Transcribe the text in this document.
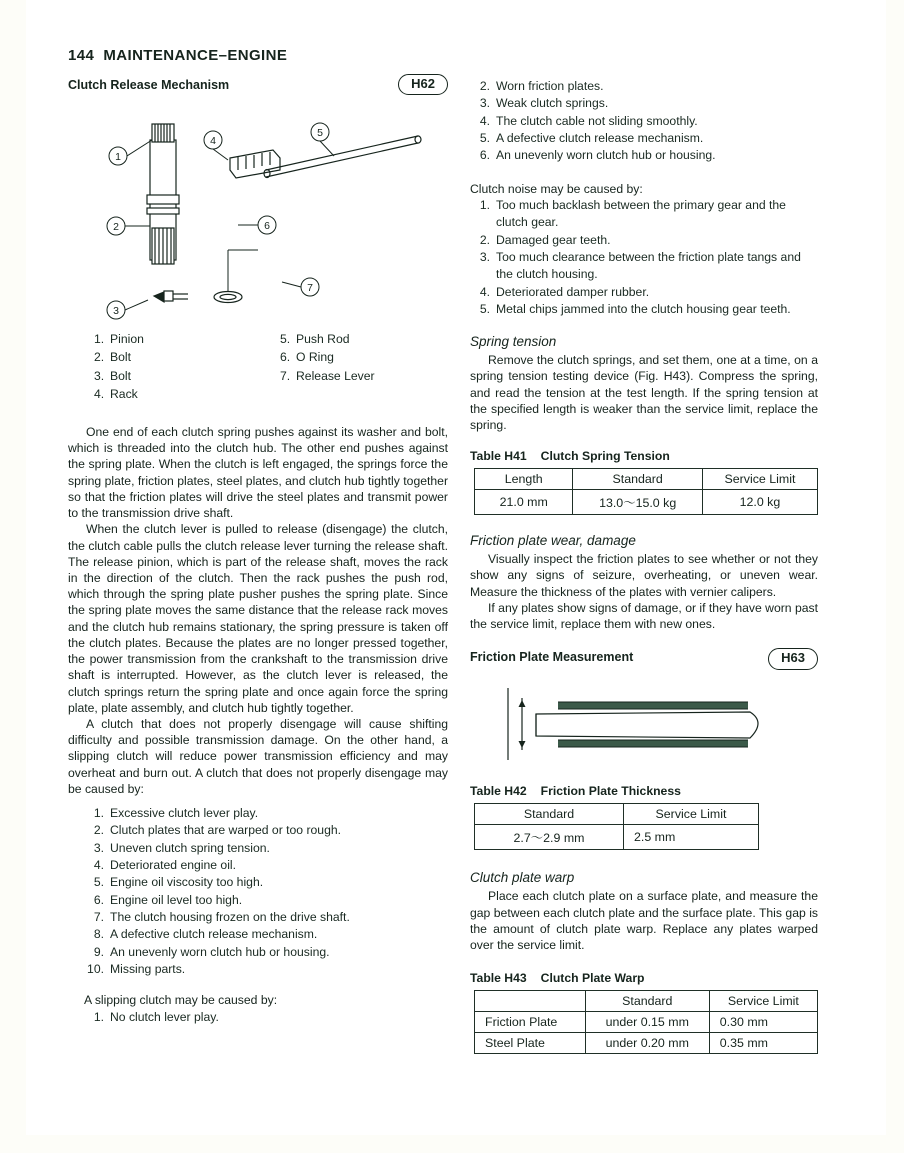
144 MAINTENANCE–ENGINE
Clutch Release Mechanism	H62
1
2
3
4
5
6
7
1. Pinion
2. Bolt
3. Bolt
4. Rack
5. Push Rod
6. O Ring
7. Release Lever

One end of each clutch spring pushes against its washer and bolt, which is threaded into the clutch hub. The other end pushes against the spring plate. When the clutch is left engaged, the springs force the spring plate, friction plates, steel plates, and clutch hub tightly together so that the friction plates will drive the steel plates and transmit power to the transmission drive shaft.

When the clutch lever is pulled to release (disengage) the clutch, the clutch cable pulls the clutch release lever turning the release shaft. The release pinion, which is part of the release shaft, moves the rack in the direction of the clutch. Then the rack pushes the push rod, which through the spring plate pusher pushes the spring plate. Since the spring plate moves the same distance that the release rack moves and the clutch hub remains stationary, the spring pressure is taken off the clutch plates. Because the plates are no longer pressed together, the power transmission from the crankshaft to the transmission drive shaft is interrupted. However, as the clutch lever is released, the clutch springs return the spring plate and once again force the spring plate, plate assembly, and clutch hub tightly together.

A clutch that does not properly disengage will cause shifting difficulty and possible transmission damage. On the other hand, a slipping clutch will reduce power transmission efficiency and may overheat and burn out. A clutch that does not properly disengage may be caused by:

1. Excessive clutch lever play.
2. Clutch plates that are warped or too rough.
3. Uneven clutch spring tension.
4. Deteriorated engine oil.
5. Engine oil viscosity too high.
6. Engine oil level too high.
7. The clutch housing frozen on the drive shaft.
8. A defective clutch release mechanism.
9. An unevenly worn clutch hub or housing.
10. Missing parts.

A slipping clutch may be caused by:

1. No clutch lever play.
2. Worn friction plates.
3. Weak clutch springs.
4. The clutch cable not sliding smoothly.
5. A defective clutch release mechanism.
6. An unevenly worn clutch hub or housing.

Clutch noise may be caused by:

1. Too much backlash between the primary gear and the clutch gear.
2. Damaged gear teeth.
3. Too much clearance between the friction plate tangs and the clutch housing.
4. Deteriorated damper rubber.
5. Metal chips jammed into the clutch housing gear teeth.
Spring tension

Remove the clutch springs, and set them, one at a time, on a spring tension testing device (Fig. H43). Compress the spring, and read the tension at the test length. If the spring tension at the specified length is weaker than the service limit, replace the spring.

Table H41 Clutch Spring Tension
Length	Standard	Service Limit
21.0 mm	13.0～15.0 kg	12.0 kg
Friction plate wear, damage

Visually inspect the friction plates to see whether or not they show any signs of seizure, overheating, or uneven wear. Measure the thickness of the plates with vernier calipers.

If any plates show signs of damage, or if they have worn past the service limit, replace them with new ones.

Friction Plate Measurement	H63
Table H42 Friction Plate Thickness
Standard	Service Limit
2.7～2.9 mm	2.5 mm
Clutch plate warp

Place each clutch plate on a surface plate, and measure the gap between each clutch plate and the surface plate. This gap is the amount of clutch plate warp. Replace any plates warped over the service limit.

Table H43 Clutch Plate Warp
	Standard	Service Limit
Friction Plate	under 0.15 mm	0.30 mm
Steel Plate	under 0.20 mm	0.35 mm
